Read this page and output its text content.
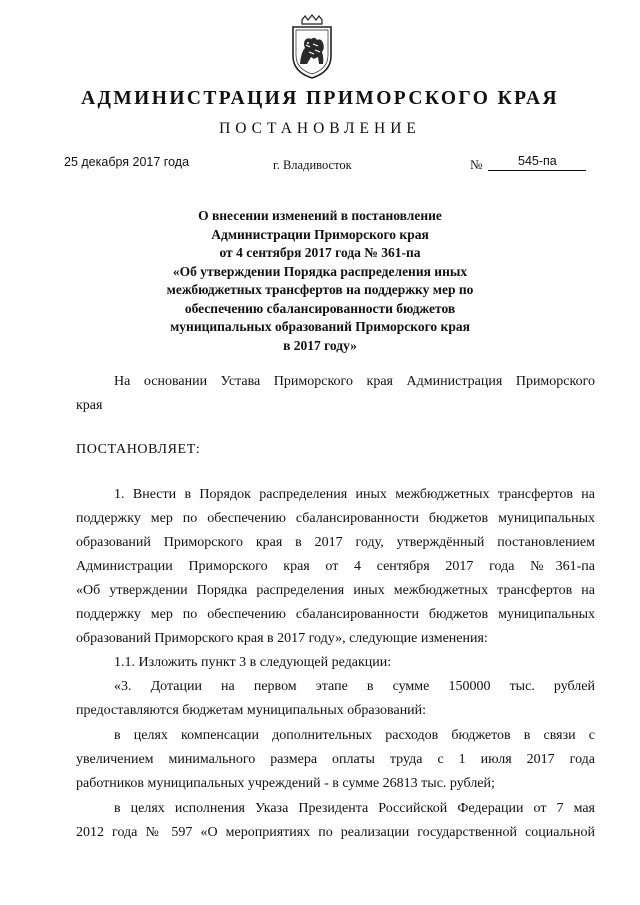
АДМИНИСТРАЦИЯ ПРИМОРСКОГО КРАЯ
ПОСТАНОВЛЕНИЕ
25 декабря 2017 года	г. Владивосток	№	545-па
О внесении изменений в постановление
Администрации Приморского края
от 4 сентября 2017 года № 361-па
«Об утверждении Порядка распределения иных
межбюджетных трансфертов на поддержку мер по
обеспечению сбалансированности бюджетов
муниципальных образований Приморского края
в 2017 году»
На основании Устава Приморского края Администрация Приморского
края
ПОСТАНОВЛЯЕТ:
1. Внести в Порядок распределения иных межбюджетных трансфертов на
поддержку мер по обеспечению сбалансированности бюджетов муниципальных
образований Приморского края в 2017 году, утверждённый постановлением
Администрации Приморского края от 4 сентября 2017 года №361-па
«Об утверждении Порядка распределения иных межбюджетных трансфертов на
поддержку мер по обеспечению сбалансированности бюджетов муниципальных
образований Приморского края в 2017 году», следующие изменения:
1.1. Изложить пункт 3 в следующей редакции:
«3. Дотации на первом этапе в сумме 150000 тыс. рублей
предоставляются бюджетам муниципальных образований:
в целях компенсации дополнительных расходов бюджетов в связи с
увеличением минимального размера оплаты труда с 1 июля 2017 года
работников муниципальных учреждений - в сумме 26813 тыс. рублей;
в целях исполнения Указа Президента Российской Федерации от 7 мая
2012 года № 597 «О мероприятиях по реализации государственной социальной
